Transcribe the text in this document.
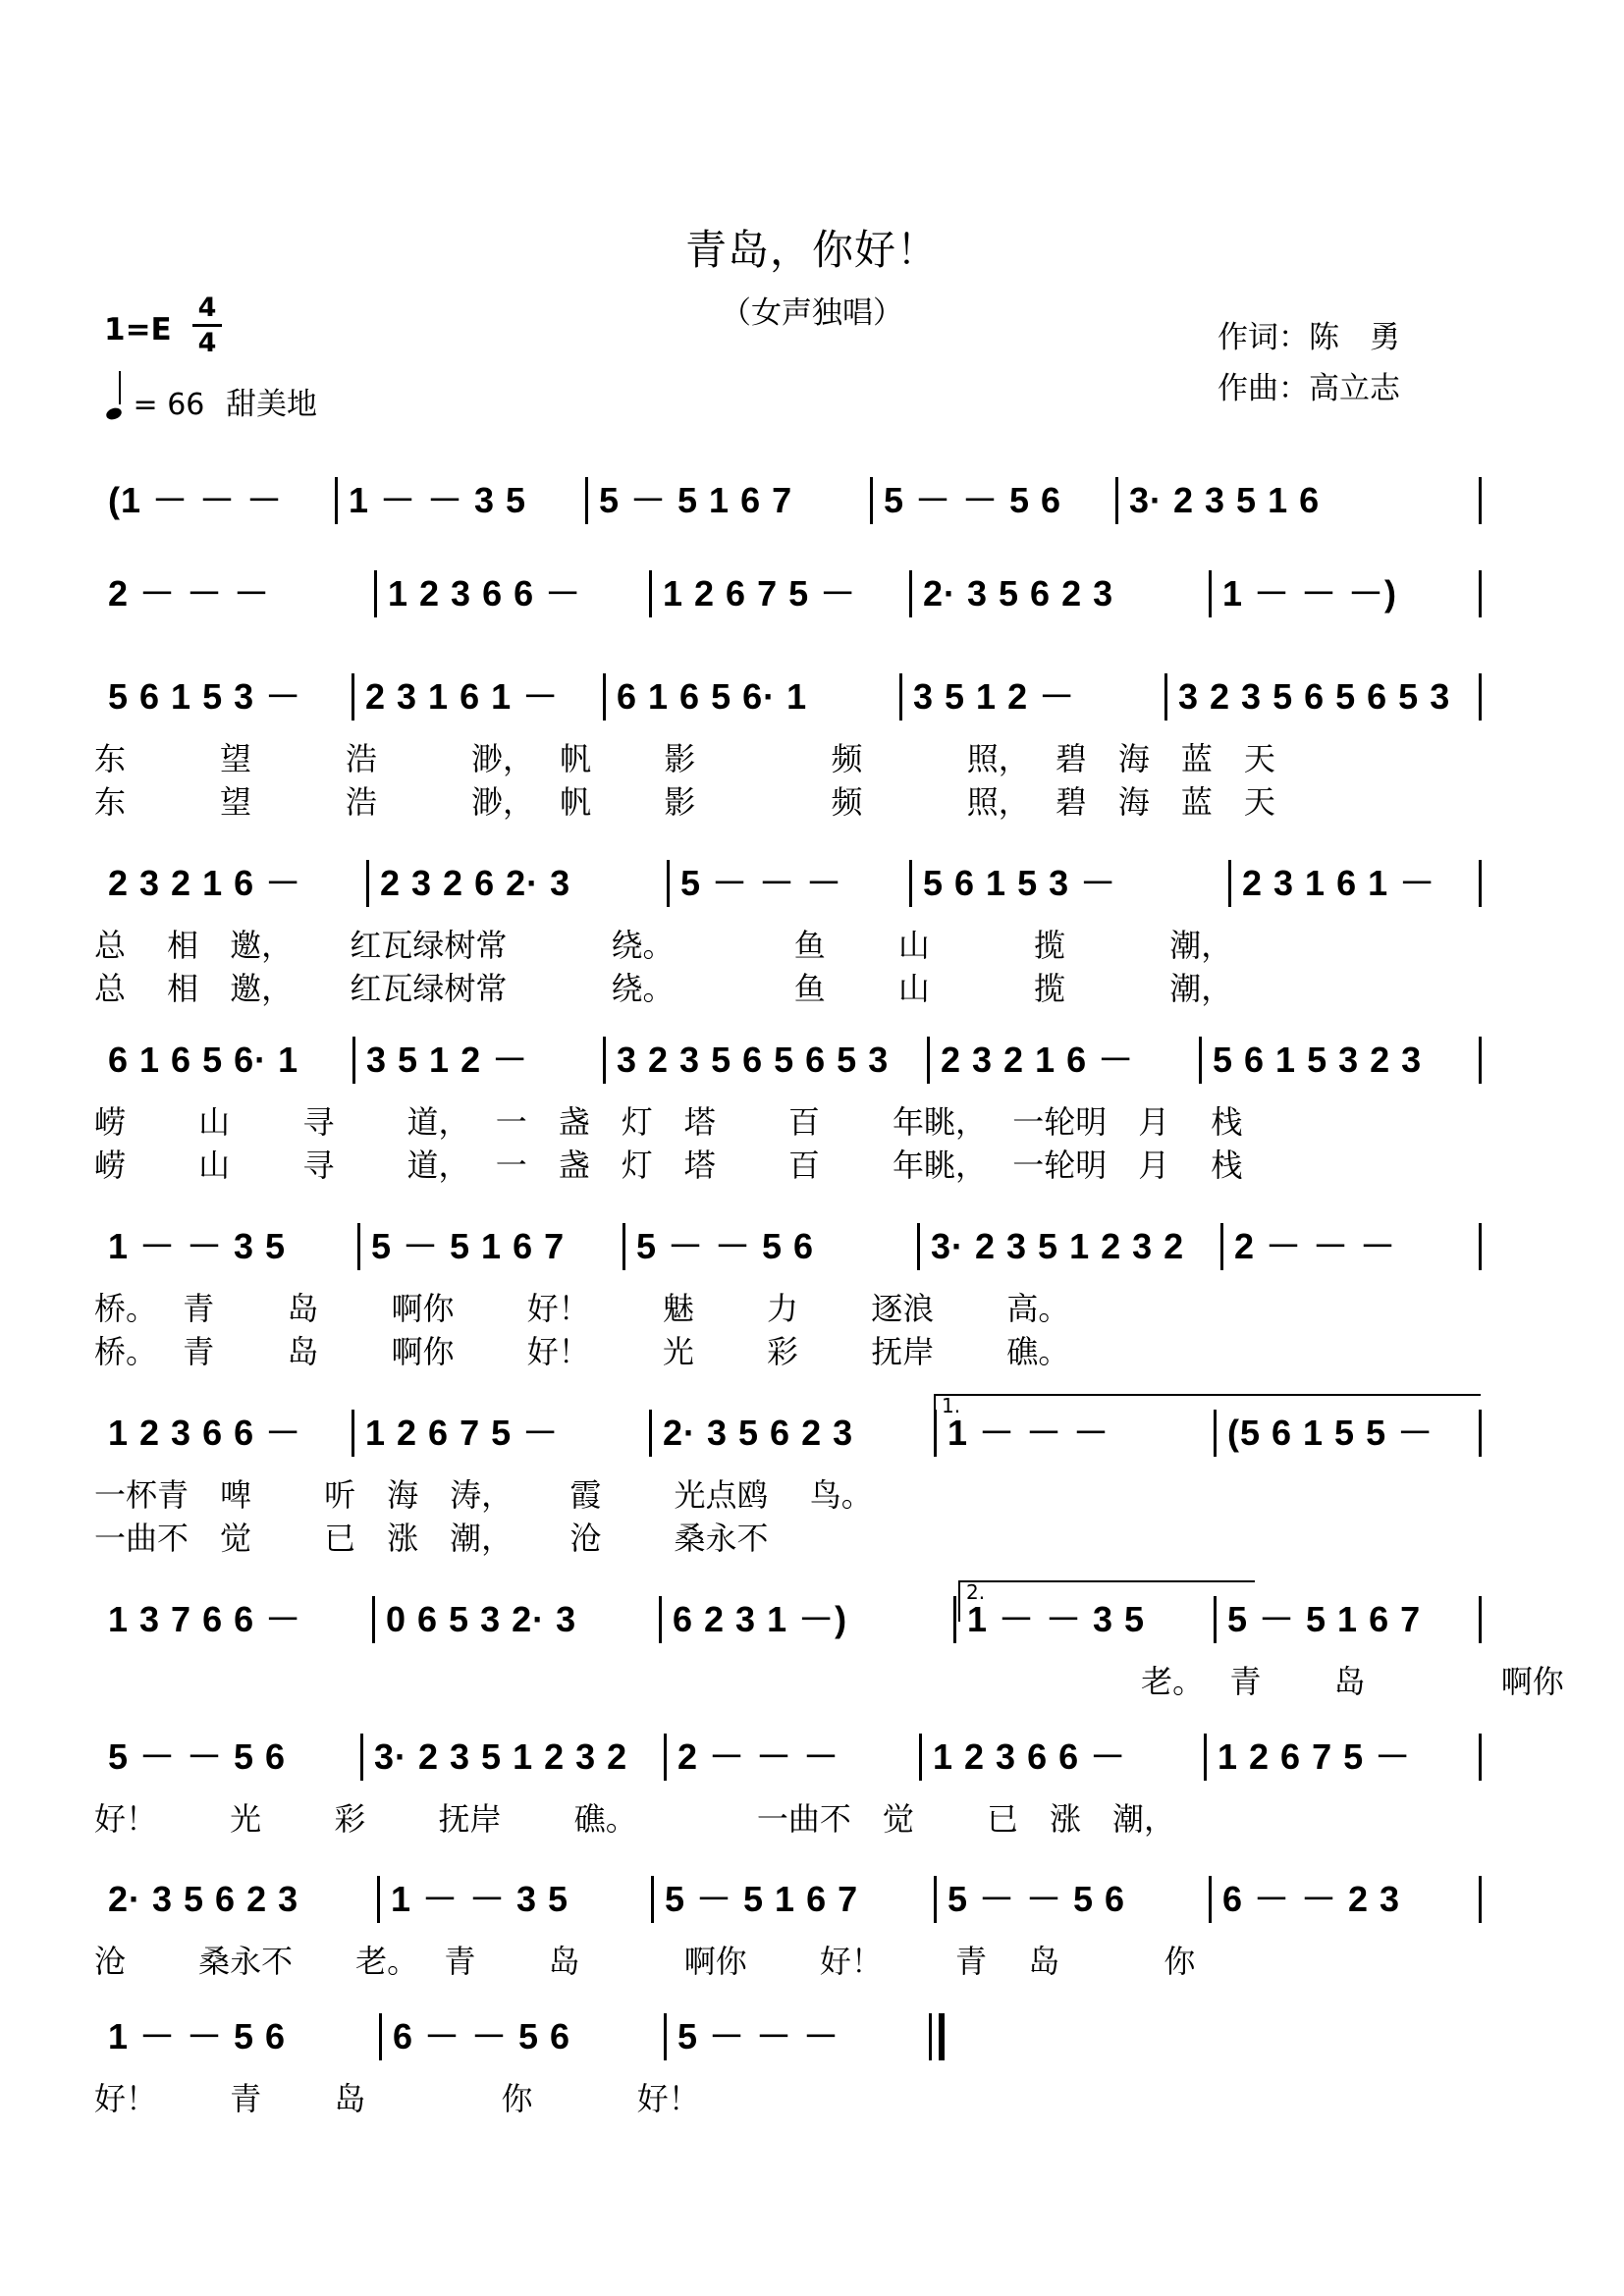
青岛，你好！
（女声独唱）
1=E
4
4
= 66 甜美地
作词：陈　勇
作曲：高立志
(1 － － － 1 － － 3 5 5 － 5 1 6 7	5 － － 5 6 3· 2 3 5 1 6
2 － － －	1 2 3 6 6 － 1 2 6 7 5 － 2· 3 5 6 2 3	1 － － －)
5 6 1 5 3 － 2 3 1 6 1 － 6 1 6 5 6· 1	3 5 1 2 －	3 2 3 5 6 5 6 5 3
东　　　望　　　浩　　　渺，　 帆　　 影　　　　 频　　　 照，　 碧　海　蓝　天
东　　　望　　　浩　　　渺，　 帆　　 影　　　　 频　　　 照，　 碧　海　蓝　天
2 3 2 1 6 － 2 3 2 6 2· 3	5 － － － 5 6 1 5 3 －	2 3 1 6 1 －
总　 相　邀，　　 红瓦绿树常　　　 绕。　　　　 鱼　　 山　　　 揽　　　 潮，
总　 相　邀，　　 红瓦绿树常　　　 绕。　　　　 鱼　　 山　　　 揽　　　 潮，
6 1 6 5 6· 1 3 5 1 2 － 3 2 3 5 6 5 6 5 3 2 3 2 1 6 － 5 6 1 5 3 2 3
崂　　 山　　 寻　　 道，　 一　盏　灯　塔　　 百　　 年眺，　 一轮明　月　 栈
崂　　 山　　 寻　　 道，　 一　盏　灯　塔　　 百　　 年眺，　 一轮明　月　 栈
1 － － 3 5 5 － 5 1 6 7 5 － － 5 6	3· 2 3 5 1 2 3 2 2 － － －
桥。　 青　　 岛　　 啊你　　 好！　　 魅　　 力　　 逐浪　　 高。
桥。　 青　　 岛　　 啊你　　 好！　　 光　　 彩　　 抚岸　　 礁。
1 2 3 6 6 － 1 2 6 7 5 －	2· 3 5 6 2 3	1 － － －	(5 6 1 5 5 －
1.
一杯青　啤　　 听　海　涛，　　 霞　　 光点鸥　 鸟。
一曲不　觉　　 已　涨　潮，　　 沧　　 桑永不
1 3 7 6 6 － 0 6 5 3 2· 3	6 2 3 1 －)	1 － － 3 5 5 － 5 1 6 7
2.
　　　　　　　　　　　　　　　　　　　　　　　　　　　　　　　　　 老。　 青　　 岛　　　　 啊你
5 － － 5 6 3· 2 3 5 1 2 3 2 2 － － －	1 2 3 6 6 －	1 2 6 7 5 －
好！　　 光　　 彩　　 抚岸　　 礁。　　　　 一曲不　觉　　 已　涨　潮，
2· 3 5 6 2 3	1 － － 3 5	5 － 5 1 6 7	5 － － 5 6	6 － － 2 3
沧　　 桑永不　　老。　 青　　 岛　　　 啊你　　 好！　　 青　 岛　　　 你
1 － － 5 6	6 － － 5 6	5 － － －
好！　　 青　　 岛　　　　 你　　　 好！
